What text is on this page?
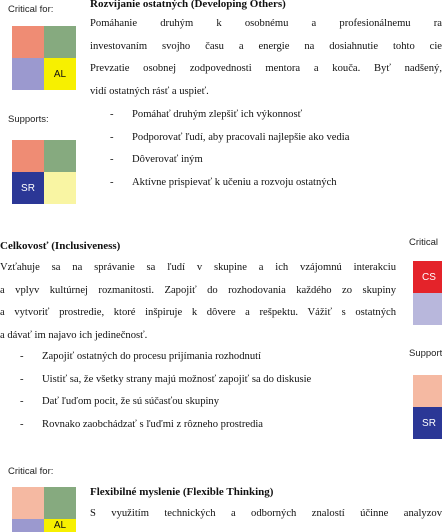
Critical for:
AL
Supports:
SR
Rozvíjanie ostatných (Developing Others)
Pomáhanie druhým k osobnému a profesionálnemu ra
investovaním svojho času a energie na dosiahnutie tohto cie
Prevzatie osobnej zodpovednosti mentora a kouča. Byť nadšený,
vidí ostatných rásť a uspieť.
- Pomáhať druhým zlepšiť ich výkonnosť
- Podporovať ľudí, aby pracovali najlepšie ako vedia
- Dôverovať iným
- Aktívne prispievať k učeniu a rozvoju ostatných
Celkovosť (Inclusiveness)
Vzťahuje sa na správanie sa ľudí v skupine a ich vzájomnú interakciu
a vplyv kultúrnej rozmanitosti. Zapojiť do rozhodovania každého zo skupiny
a vytvoriť prostredie, ktoré inšpiruje k dôvere a rešpektu. Vážiť s ostatných
a dávať im najavo ich jedinečnosť.
- Zapojiť ostatných do procesu prijímania rozhodnutí
- Uistiť sa, že všetky strany majú možnosť zapojiť sa do diskusie
- Dať ľuďom pocit, že sú súčasťou skupiny
- Rovnako zaobchádzať s ľuďmi z rôzneho prostredia
Critical
CS
Support
SR
Critical for:
AL
Flexibilné myslenie (Flexible Thinking)
S využitím technických a odborných znalostí účinne analyzov
